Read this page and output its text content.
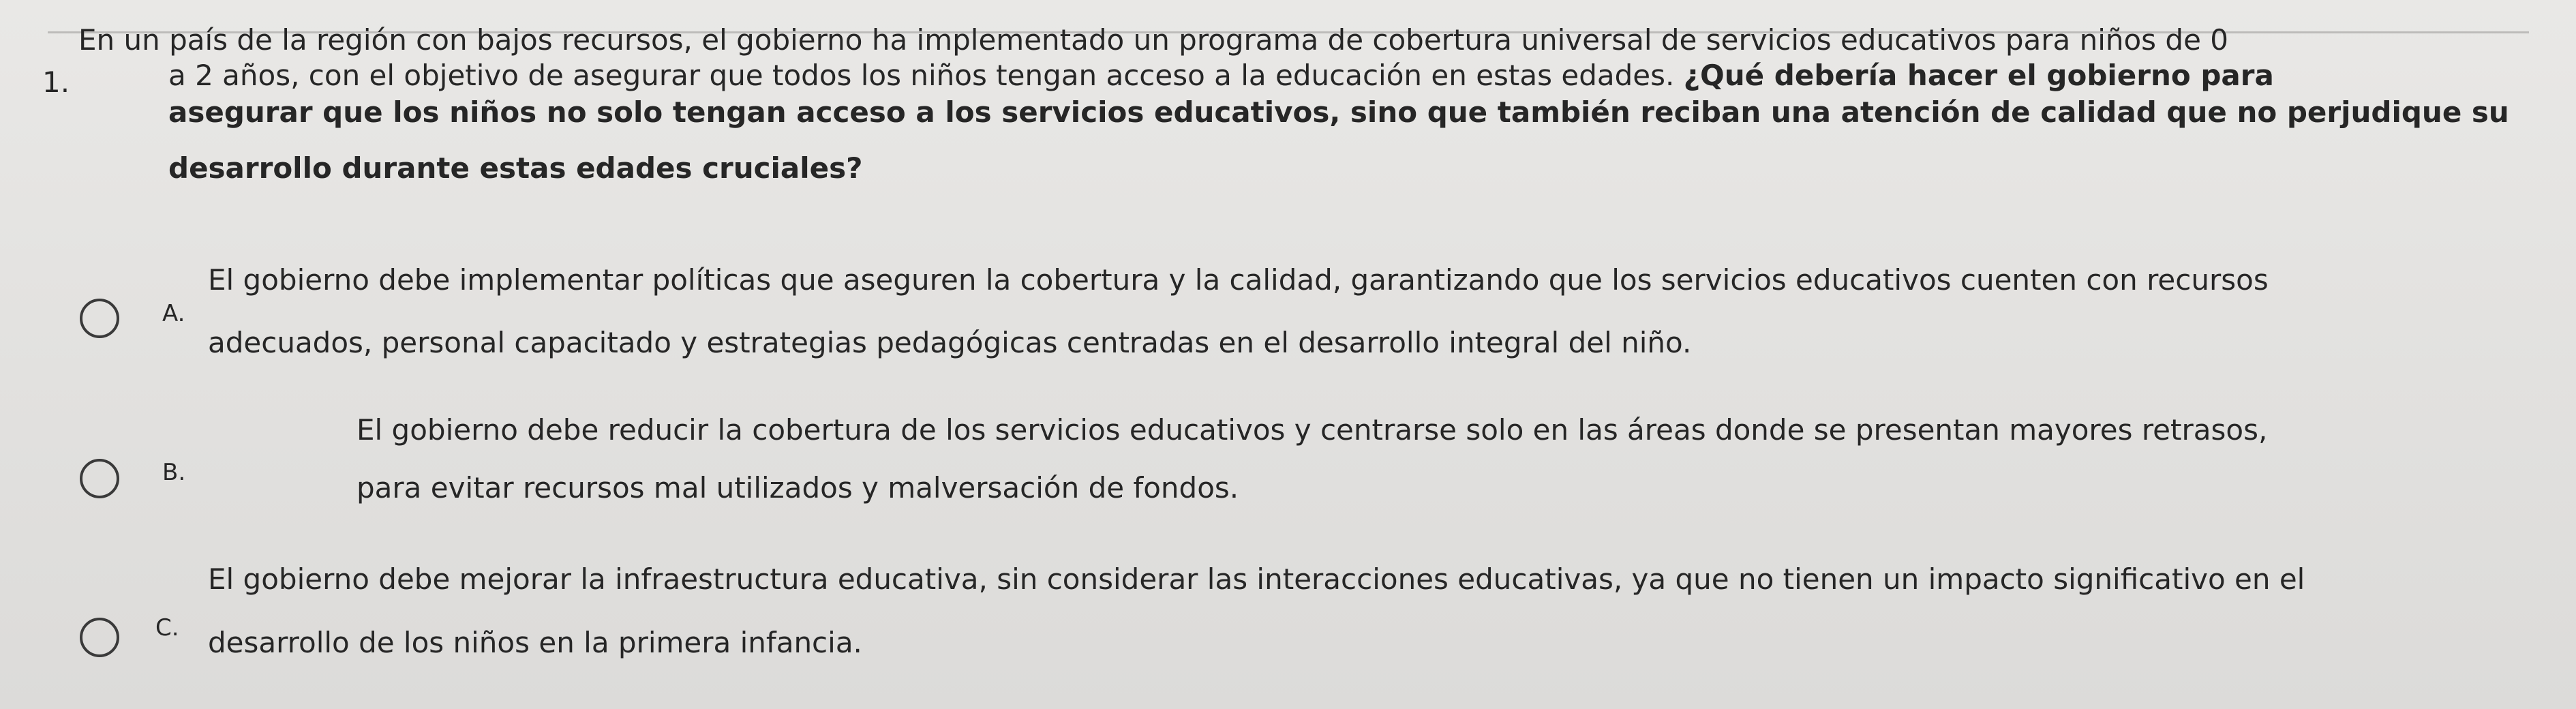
1.
En un país de la región con bajos recursos, el gobierno ha implementado un programa de cobertura universal de servicios educativos para niños de 0
a 2 años, con el objetivo de asegurar que todos los niños tengan acceso a la educación en estas edades. ¿Qué debería hacer el gobierno para
asegurar que los niños no solo tengan acceso a los servicios educativos, sino que también reciban una atención de calidad que no perjudique su
desarrollo durante estas edades cruciales?
A.
El gobierno debe implementar políticas que aseguren la cobertura y la calidad, garantizando que los servicios educativos cuenten con recursos
adecuados, personal capacitado y estrategias pedagógicas centradas en el desarrollo integral del niño.
B.
El gobierno debe reducir la cobertura de los servicios educativos y centrarse solo en las áreas donde se presentan mayores retrasos,
para evitar recursos mal utilizados y malversación de fondos.
C.
El gobierno debe mejorar la infraestructura educativa, sin considerar las interacciones educativas, ya que no tienen un impacto significativo en el
desarrollo de los niños en la primera infancia.
